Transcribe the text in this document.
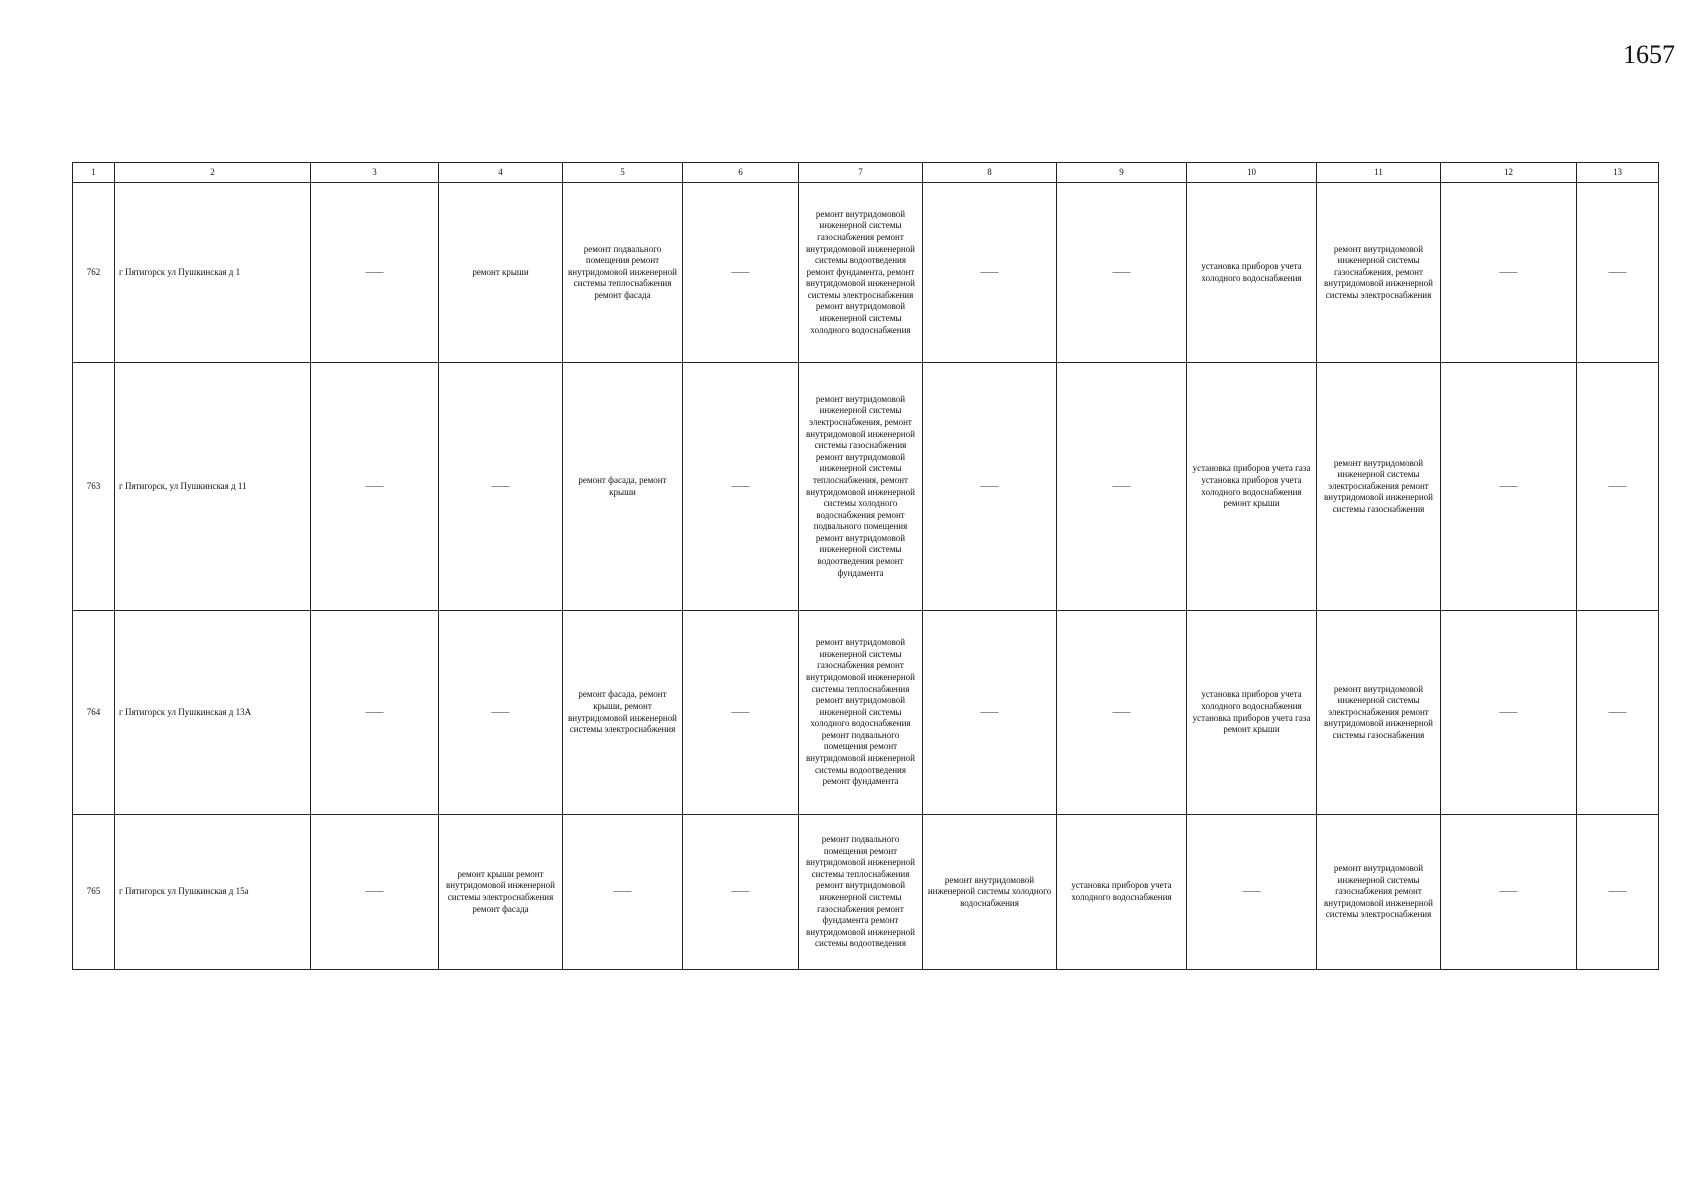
1657
1	2	3	4	5	6	7	8	9	10	11	12	13
762	г Пятигорск ул Пушкинская д 1	——	ремонт крыши	ремонт подвального помещения ремонт внутридомовой инженерной системы теплоснабжения ремонт фасада	——	ремонт внутридомовой инженерной системы газоснабжения ремонт внутридомовой инженерной системы водоотведения ремонт фундамента, ремонт внутридомовой инженерной системы электроснабжения ремонт внутридомовой инженерной системы холодного водоснабжения	——	——	установка приборов учета холодного водоснабжения	ремонт внутридомовой инженерной системы газоснабжения, ремонт внутридомовой инженерной системы электроснабжения	——	——
763	г Пятигорск, ул Пушкинская д 11	——	——	ремонт фасада, ремонт крыши	——	ремонт внутридомовой инженерной системы электроснабжения, ремонт внутридомовой инженерной системы газоснабжения ремонт внутридомовой инженерной системы теплоснабжения, ремонт внутридомовой инженерной системы холодного водоснабжения ремонт подвального помещения ремонт внутридомовой инженерной системы водоотведения ремонт фундамента	——	——	установка приборов учета газа установка приборов учета холодного водоснабжения ремонт крыши	ремонт внутридомовой инженерной системы электроснабжения ремонт внутридомовой инженерной системы газоснабжения	——	——
764	г Пятигорск ул Пушкинская д 13А	——	——	ремонт фасада, ремонт крыши, ремонт внутридомовой инженерной системы электроснабжения	——	ремонт внутридомовой инженерной системы газоснабжения ремонт внутридомовой инженерной системы теплоснабжения ремонт внутридомовой инженерной системы холодного водоснабжения ремонт подвального помещения ремонт внутридомовой инженерной системы водоотведения ремонт фундамента	——	——	установка приборов учета холодного водоснабжения установка приборов учета газа ремонт крыши	ремонт внутридомовой инженерной системы электроснабжения ремонт внутридомовой инженерной системы газоснабжения	——	——
765	г Пятигорск ул Пушкинская д 15а	——	ремонт крыши ремонт внутридомовой инженерной системы электроснабжения ремонт фасада	——	——	ремонт подвального помещения ремонт внутридомовой инженерной системы теплоснабжения ремонт внутридомовой инженерной системы газоснабжения ремонт фундамента ремонт внутридомовой инженерной системы водоотведения	ремонт внутридомовой инженерной системы холодного водоснабжения	установка приборов учета холодного водоснабжения	——	ремонт внутридомовой инженерной системы газоснабжения ремонт внутридомовой инженерной системы электроснабжения	——	——
